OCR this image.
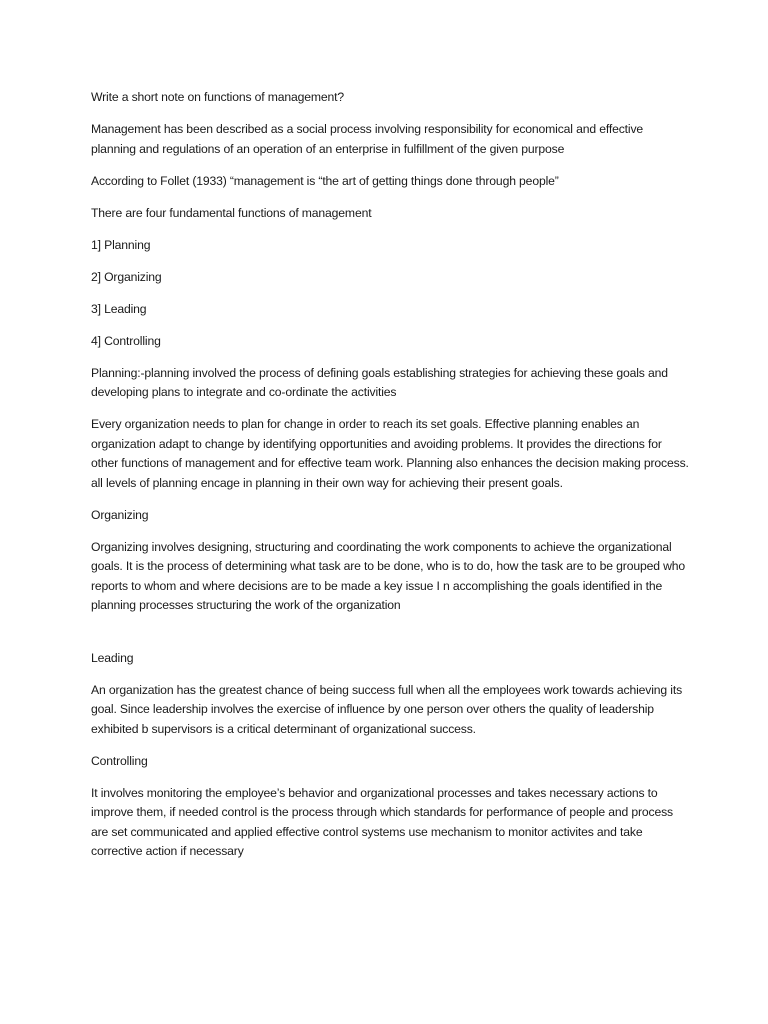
Write a short note on functions of management?

Management has been described as a social process involving responsibility for economical and effective planning and regulations of an operation of an enterprise in fulfillment of the given purpose

According to Follet (1933) “management is “the art of getting things done through people”

There are four fundamental functions of management

1] Planning

2] Organizing

3] Leading

4] Controlling

Planning:-planning involved the process of defining goals establishing strategies for achieving these goals and developing plans to integrate and co-ordinate the activities

Every organization needs to plan for change in order to reach its set goals. Effective planning enables an organization adapt to change by identifying opportunities and avoiding problems. It provides the directions for other functions of management and for effective team work. Planning also enhances the decision making process. all levels of planning encage in planning in their own way for achieving their present goals.

Organizing

Organizing involves designing, structuring and coordinating the work components to achieve the organizational goals. It is the process of determining what task are to be done, who is to do, how the task are to be grouped who reports to whom and where decisions are to be made a key issue I n accomplishing the goals identified in the planning processes structuring the work of the organization

Leading

An organization has the greatest chance of being success full when all the employees work towards achieving its goal. Since leadership involves the exercise of influence by one person over others the quality of leadership exhibited b supervisors is a critical determinant of organizational success.

Controlling

It involves monitoring the employee’s behavior and organizational processes and takes necessary actions to improve them, if needed control is the process through which standards for performance of people and process are set communicated and applied effective control systems use mechanism to monitor activites and take corrective action if necessary
